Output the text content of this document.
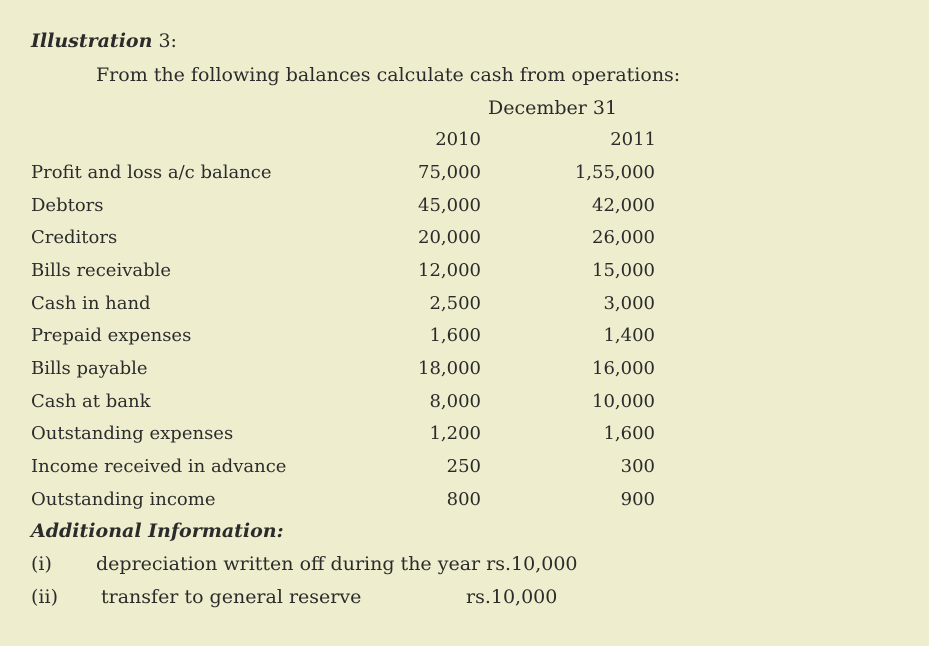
Illustration 3:
From the following balances calculate cash from operations:
December 31
2010	2011
Profit and loss a/c balance	75,000	1,55,000
Debtors	45,000	42,000
Creditors	20,000	26,000
Bills receivable	12,000	15,000
Cash in hand	2,500	3,000
Prepaid expenses	1,600	1,400
Bills payable	18,000	16,000
Cash at bank	8,000	10,000
Outstanding expenses	1,200	1,600
Income received in advance	250	300
Outstanding income	800	900
Additional Information:
(i) depreciation written off during the year rs.10,000
(ii) transfer to general reserve	rs.10,000
